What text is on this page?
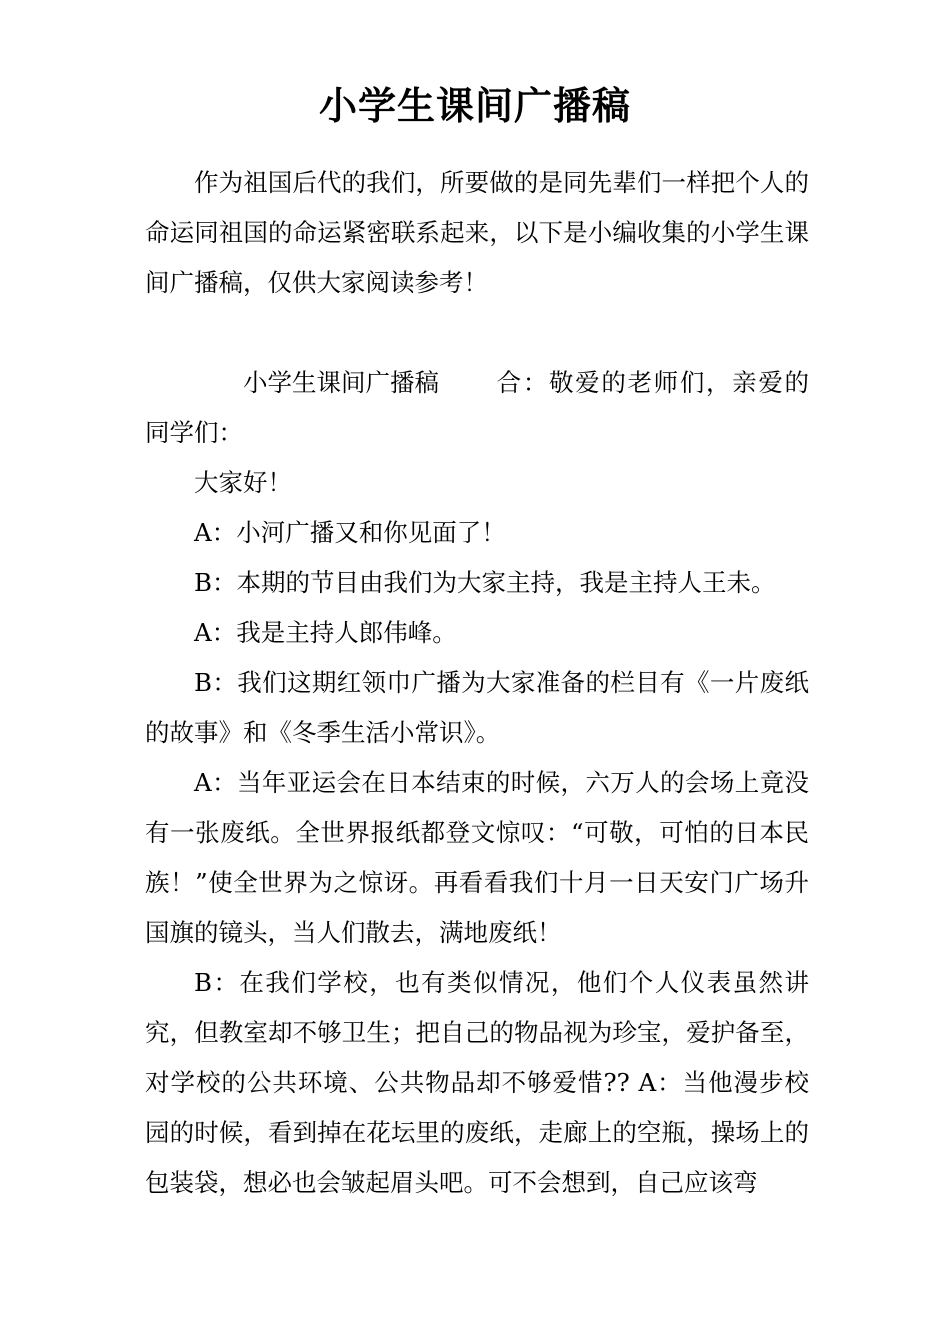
小学生课间广播稿

作为祖国后代的我们，所要做的是同先辈们一样把个人的命运同祖国的命运紧密联系起来，以下是小编收集的小学生课间广播稿，仅供大家阅读参考！

小学生课间广播稿 合：敬爱的老师们，亲爱的同学们：

大家好！

A：小河广播又和你见面了！

B：本期的节目由我们为大家主持，我是主持人王未。

A：我是主持人郎伟峰。

B：我们这期红领巾广播为大家准备的栏目有《一片废纸的故事》和《冬季生活小常识》。

A：当年亚运会在日本结束的时候，六万人的会场上竟没有一张废纸。全世界报纸都登文惊叹：“可敬，可怕的日本民族！”使全世界为之惊讶。再看看我们十月一日天安门广场升国旗的镜头，当人们散去，满地废纸！

B：在我们学校，也有类似情况，他们个人仪表虽然讲究，但教室却不够卫生；把自己的物品视为珍宝，爱护备至，对学校的公共环境、公共物品却不够爱惜?? A：当他漫步校园的时候，看到掉在花坛里的废纸，走廊上的空瓶，操场上的包装袋，想必也会皱起眉头吧。可不会想到，自己应该弯
